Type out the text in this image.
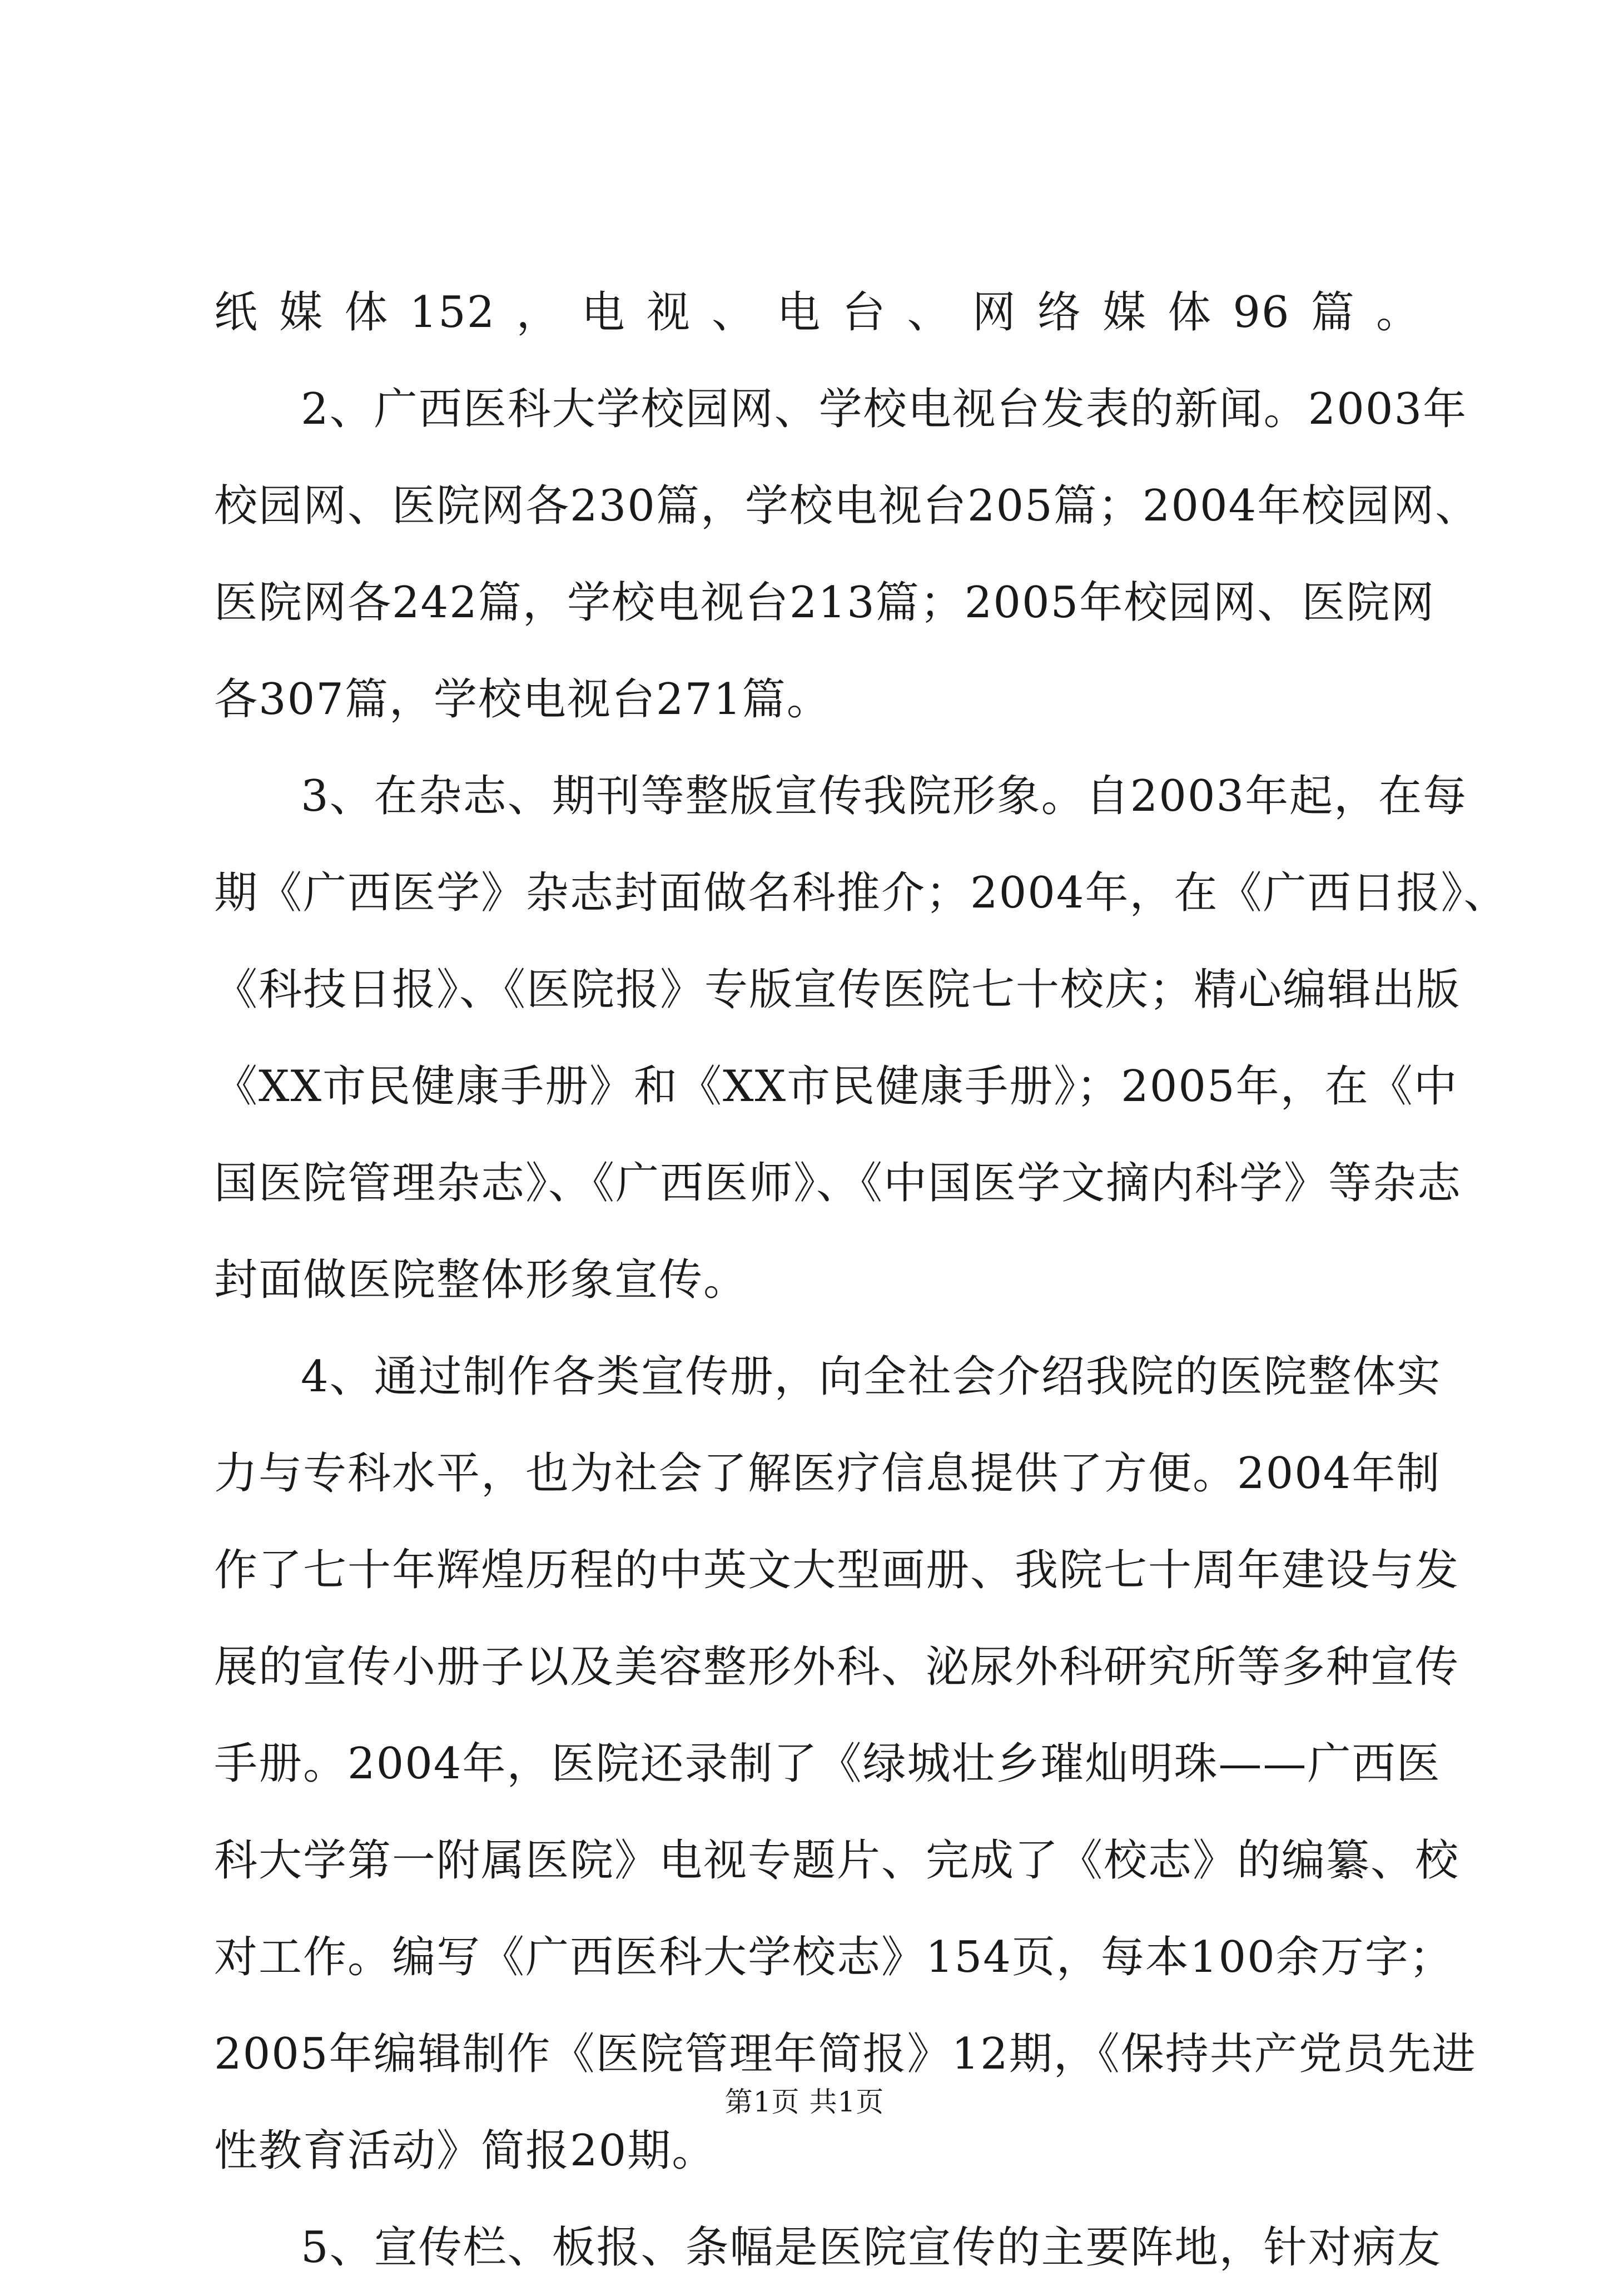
纸媒体152，电视、电台、网络媒体96篇。
2、广西医科大学校园网、学校电视台发表的新闻。2003年
校园网、医院网各230篇，学校电视台205篇；2004年校园网、
医院网各242篇，学校电视台213篇；2005年校园网、医院网
各307篇，学校电视台271篇。
3、在杂志、期刊等整版宣传我院形象。自2003年起，在每
期《广西医学》杂志封面做名科推介；2004年，在《广西日报》、
《科技日报》、《医院报》专版宣传医院七十校庆；精心编辑出版
《XX市民健康手册》和《XX市民健康手册》；2005年，在《中
国医院管理杂志》、《广西医师》、《中国医学文摘内科学》等杂志
封面做医院整体形象宣传。
4、通过制作各类宣传册，向全社会介绍我院的医院整体实
力与专科水平，也为社会了解医疗信息提供了方便。2004年制
作了七十年辉煌历程的中英文大型画册、我院七十周年建设与发
展的宣传小册子以及美容整形外科、泌尿外科研究所等多种宣传
手册。2004年，医院还录制了《绿城壮乡璀灿明珠——广西医
科大学第一附属医院》电视专题片、完成了《校志》的编纂、校
对工作。编写《广西医科大学校志》154页，每本100余万字；
2005年编辑制作《医院管理年简报》12期，《保持共产党员先进
性教育活动》简报20期。
5、宣传栏、板报、条幅是医院宣传的主要阵地，针对病友
第1页 共1页
